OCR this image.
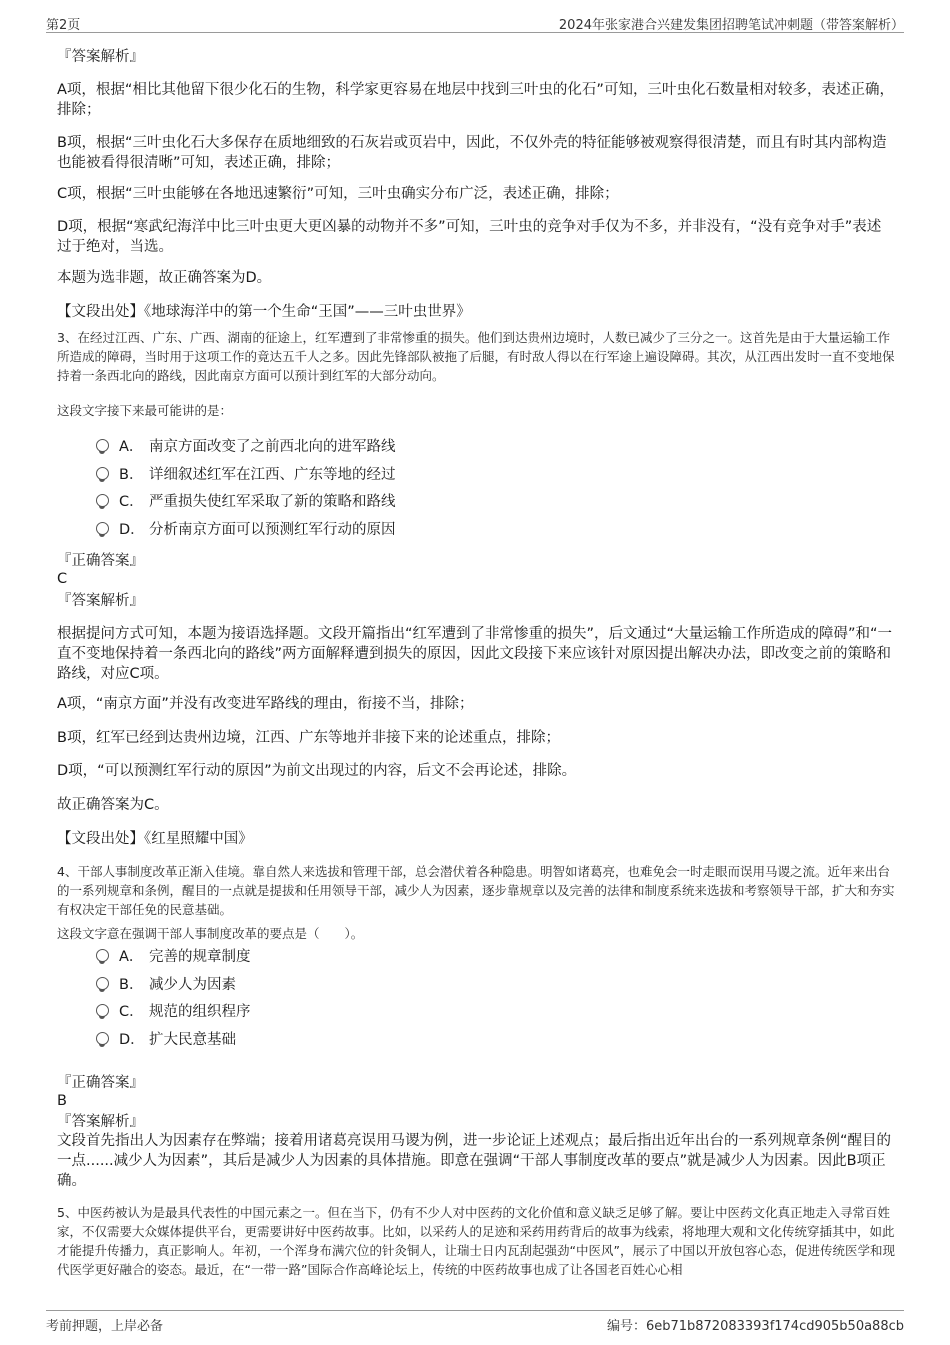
第2页	2024年张家港合兴建发集团招聘笔试冲刺题（带答案解析）
『答案解析』
A项，根据“相比其他留下很少化石的生物，科学家更容易在地层中找到三叶虫的化石”可知，三叶虫化石数量相对较多，表述正确，排除；
B项，根据“三叶虫化石大多保存在质地细致的石灰岩或页岩中，因此，不仅外壳的特征能够被观察得很清楚，而且有时其内部构造也能被看得很清晰”可知，表述正确，排除；
C项，根据“三叶虫能够在各地迅速繁衍”可知，三叶虫确实分布广泛，表述正确，排除；
D项，根据“寒武纪海洋中比三叶虫更大更凶暴的动物并不多”可知，三叶虫的竞争对手仅为不多，并非没有，“没有竞争对手”表述过于绝对，当选。
本题为选非题，故正确答案为D。
【文段出处】《地球海洋中的第一个生命“王国”——三叶虫世界》
3、在经过江西、广东、广西、湖南的征途上，红军遭到了非常惨重的损失。他们到达贵州边境时，人数已减少了三分之一。这首先是由于大量运输工作所造成的障碍，当时用于这项工作的竟达五千人之多。因此先锋部队被拖了后腿，有时敌人得以在行军途上遍设障碍。其次，从江西出发时一直不变地保持着一条西北向的路线，因此南京方面可以预计到红军的大部分动向。
这段文字接下来最可能讲的是：
A． 南京方面改变了之前西北向的进军路线
B． 详细叙述红军在江西、广东等地的经过
C． 严重损失使红军采取了新的策略和路线
D． 分析南京方面可以预测红军行动的原因
『正确答案』
C
『答案解析』
根据提问方式可知，本题为接语选择题。文段开篇指出“红军遭到了非常惨重的损失”，后文通过“大量运输工作所造成的障碍”和“一直不变地保持着一条西北向的路线”两方面解释遭到损失的原因，因此文段接下来应该针对原因提出解决办法，即改变之前的策略和路线，对应C项。
A项，“南京方面”并没有改变进军路线的理由，衔接不当，排除；
B项，红军已经到达贵州边境，江西、广东等地并非接下来的论述重点，排除；
D项，“可以预测红军行动的原因”为前文出现过的内容，后文不会再论述，排除。
故正确答案为C。
【文段出处】《红星照耀中国》
4、干部人事制度改革正渐入佳境。靠自然人来选拔和管理干部，总会潜伏着各种隐患。明智如诸葛亮，也难免会一时走眼而误用马谡之流。近年来出台的一系列规章和条例，醒目的一点就是提拔和任用领导干部，减少人为因素，逐步靠规章以及完善的法律和制度系统来选拔和考察领导干部，扩大和夯实有权决定干部任免的民意基础。
这段文字意在强调干部人事制度改革的要点是（　　）。
A． 完善的规章制度
B． 减少人为因素
C． 规范的组织程序
D． 扩大民意基础
『正确答案』
B
『答案解析』
文段首先指出人为因素存在弊端；接着用诸葛亮误用马谡为例，进一步论证上述观点；最后指出近年出台的一系列规章条例“醒目的一点......减少人为因素”，其后是减少人为因素的具体措施。即意在强调“干部人事制度改革的要点”就是减少人为因素。因此B项正确。
5、中医药被认为是最具代表性的中国元素之一。但在当下，仍有不少人对中医药的文化价值和意义缺乏足够了解。要让中医药文化真正地走入寻常百姓家，不仅需要大众媒体提供平台，更需要讲好中医药故事。比如，以采药人的足迹和采药用药背后的故事为线索，将地理大观和文化传统穿插其中，如此才能提升传播力，真正影响人。年初，一个浑身布满穴位的针灸铜人，让瑞士日内瓦刮起强劲“中医风”，展示了中国以开放包容心态，促进传统医学和现代医学更好融合的姿态。最近，在“一带一路”国际合作高峰论坛上，传统的中医药故事也成了让各国老百姓心心相
考前押题，上岸必备	编号：6eb71b872083393f174cd905b50a88cb
